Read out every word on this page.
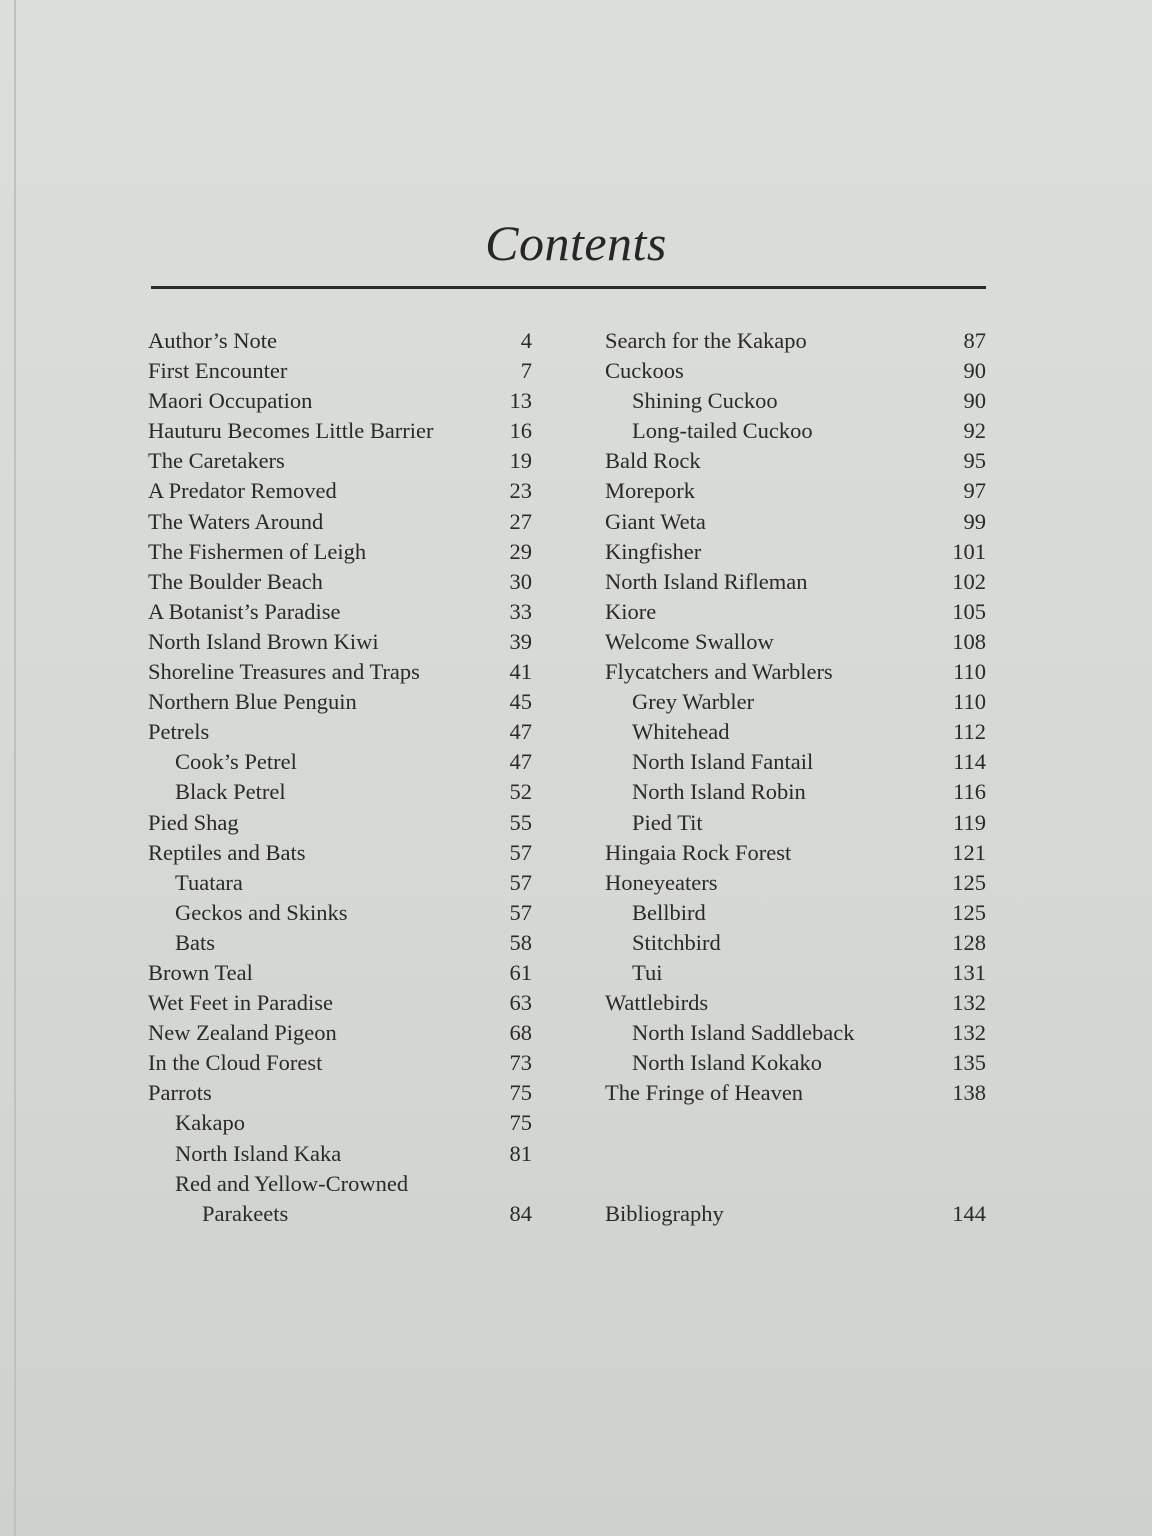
Contents
Author’s Note	4
First Encounter	7
Maori Occupation	13
Hauturu Becomes Little Barrier	16
The Caretakers	19
A Predator Removed	23
The Waters Around	27
The Fishermen of Leigh	29
The Boulder Beach	30
A Botanist’s Paradise	33
North Island Brown Kiwi	39
Shoreline Treasures and Traps	41
Northern Blue Penguin	45
Petrels	47
Cook’s Petrel	47
Black Petrel	52
Pied Shag	55
Reptiles and Bats	57
Tuatara	57
Geckos and Skinks	57
Bats	58
Brown Teal	61
Wet Feet in Paradise	63
New Zealand Pigeon	68
In the Cloud Forest	73
Parrots	75
Kakapo	75
North Island Kaka	81
Red and Yellow-Crowned
Parakeets	84
Search for the Kakapo	87
Cuckoos	90
Shining Cuckoo	90
Long-tailed Cuckoo	92
Bald Rock	95
Morepork	97
Giant Weta	99
Kingfisher	101
North Island Rifleman	102
Kiore	105
Welcome Swallow	108
Flycatchers and Warblers	110
Grey Warbler	110
Whitehead	112
North Island Fantail	114
North Island Robin	116
Pied Tit	119
Hingaia Rock Forest	121
Honeyeaters	125
Bellbird	125
Stitchbird	128
Tui	131
Wattlebirds	132
North Island Saddleback	132
North Island Kokako	135
The Fringe of Heaven	138
Bibliography	144
